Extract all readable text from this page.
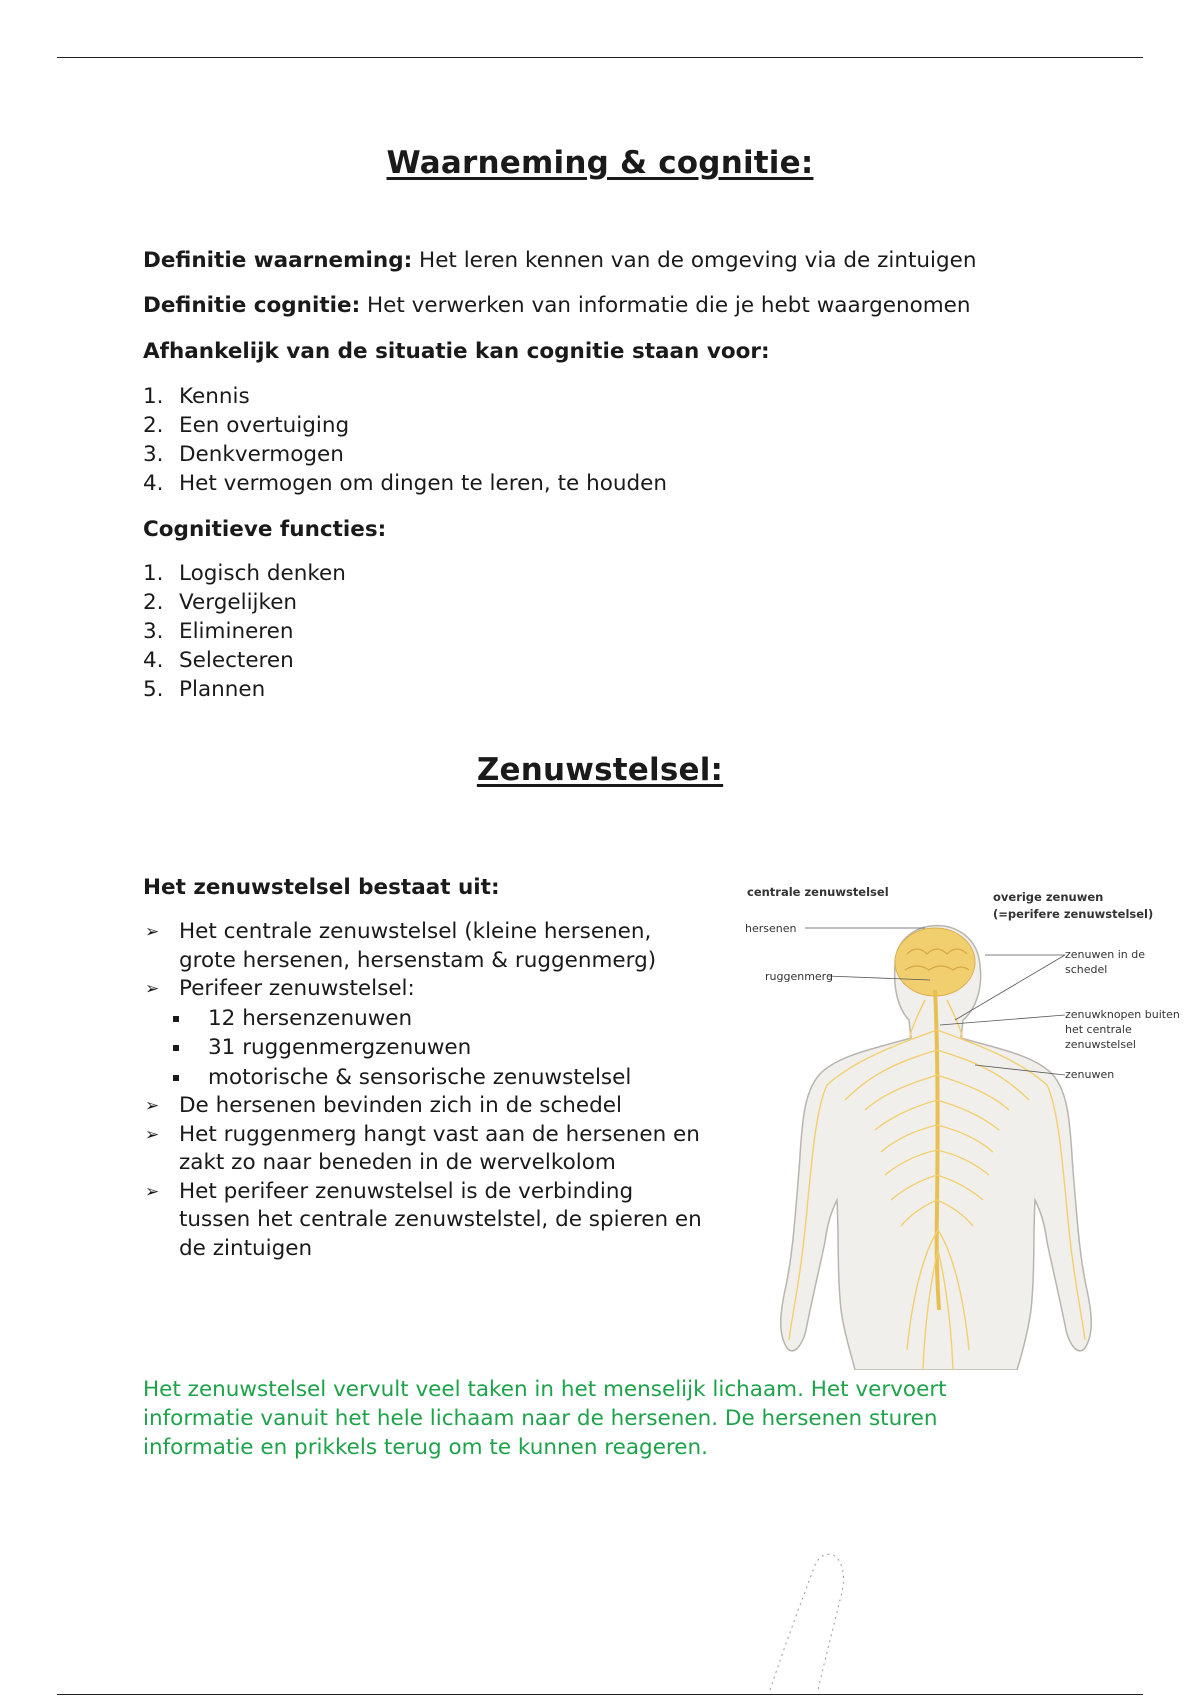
Waarneming & cognitie:

Definitie waarneming: Het leren kennen van de omgeving via de zintuigen

Definitie cognitie: Het verwerken van informatie die je hebt waargenomen

Afhankelijk van de situatie kan cognitie staan voor:

1. Kennis
2. Een overtuiging
3. Denkvermogen
4. Het vermogen om dingen te leren, te houden

Cognitieve functies:

1. Logisch denken
2. Vergelijken
3. Elimineren
4. Selecteren
5. Plannen
Zenuwstelsel:

Het zenuwstelsel bestaat uit:

➢ Het centrale zenuwstelsel (kleine hersenen, grote hersenen, hersenstam & ruggenmerg)
➢ Perifeer zenuwstelsel:
12 hersenzenuwen
31 ruggenmergzenuwen
motorische & sensorische zenuwstelsel
➢ De hersenen bevinden zich in de schedel
➢ Het ruggenmerg hangt vast aan de hersenen en zakt zo naar beneden in de wervelkolom
➢ Het perifeer zenuwstelsel is de verbinding tussen het centrale zenuwstelstel, de spieren en de zintuigen

Het zenuwstelsel vervult veel taken in het menselijk lichaam. Het vervoert informatie vanuit het hele lichaam naar de hersenen. De hersenen sturen informatie en prikkels terug om te kunnen reageren.

centrale zenuwstelsel
hersenen
ruggenmerg
overige zenuwen
(=perifere zenuwstelsel)
zenuwen in de
schedel
zenuwknopen buiten
het centrale
zenuwstelsel
zenuwen
